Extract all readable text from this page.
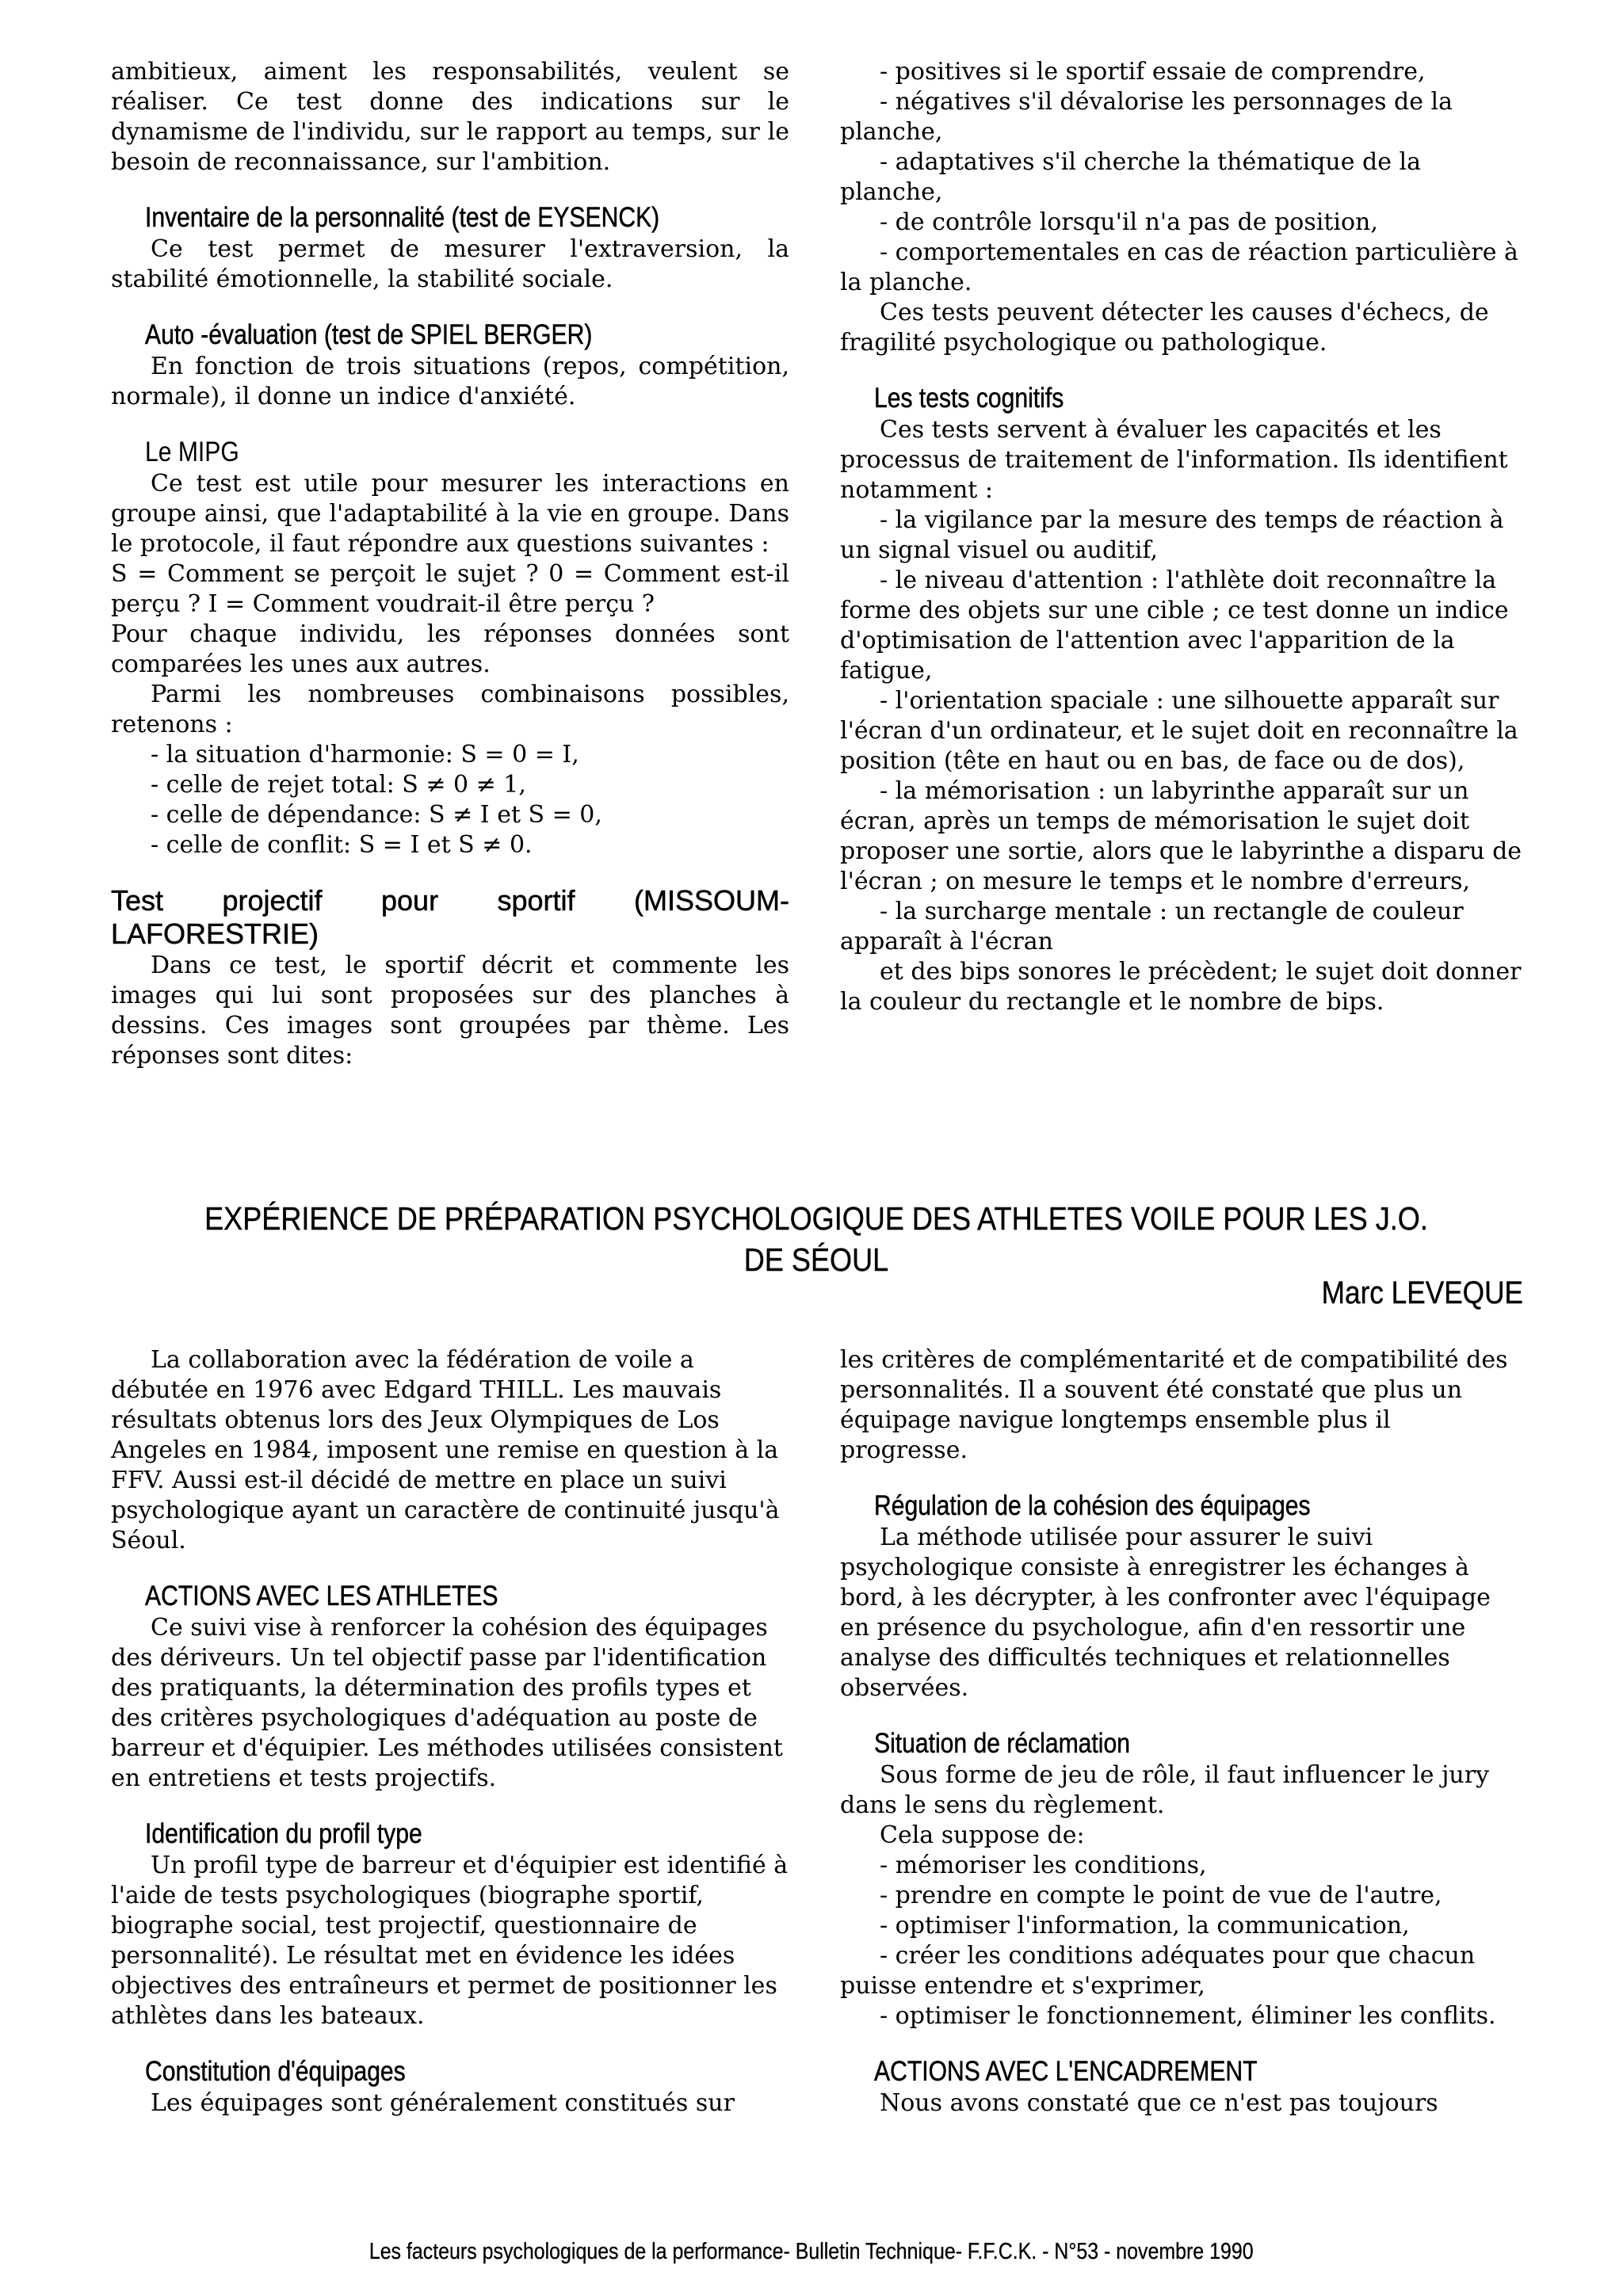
ambitieux, aiment les responsabilités, veulent se réaliser. Ce test donne des indications sur le dynamisme de l'individu, sur le rapport au temps, sur le besoin de reconnaissance, sur l'ambition.

Inventaire de la personnalité (test de EYSENCK)

Ce test permet de mesurer l'extraversion, la stabilité émotionnelle, la stabilité sociale.

Auto -évaluation (test de SPIEL BERGER)

En fonction de trois situations (repos, compétition, normale), il donne un indice d'anxiété.

Le MIPG

Ce test est utile pour mesurer les interactions en groupe ainsi, que l'adaptabilité à la vie en groupe. Dans le protocole, il faut répondre aux questions suivantes :

S = Comment se perçoit le sujet ? 0 = Comment est-il perçu ? I = Comment voudrait-il être perçu ?

Pour chaque individu, les réponses données sont comparées les unes aux autres.

Parmi les nombreuses combinaisons possibles, retenons :

- la situation d'harmonie: S = 0 = I,

- celle de rejet total: S ≠ 0 ≠ 1,

- celle de dépendance: S ≠ I et S = 0,

- celle de conflit: S = I et S ≠ 0.

Test projectif pour sportif (MISSOUM-

LAFORESTRIE)

Dans ce test, le sportif décrit et commente les images qui lui sont proposées sur des planches à dessins. Ces images sont groupées par thème. Les réponses sont dites:

- positives si le sportif essaie de comprendre,

- négatives s'il dévalorise les personnages de la planche,

- adaptatives s'il cherche la thématique de la planche,

- de contrôle lorsqu'il n'a pas de position,

- comportementales en cas de réaction particulière à la planche.

Ces tests peuvent détecter les causes d'échecs, de fragilité psychologique ou pathologique.

Les tests cognitifs

Ces tests servent à évaluer les capacités et les processus de traitement de l'information. Ils identifient notamment :

- la vigilance par la mesure des temps de réaction à un signal visuel ou auditif,

- le niveau d'attention : l'athlète doit reconnaître la forme des objets sur une cible ; ce test donne un indice d'optimisation de l'attention avec l'apparition de la fatigue,

- l'orientation spaciale : une silhouette apparaît sur l'écran d'un ordinateur, et le sujet doit en reconnaître la position (tête en haut ou en bas, de face ou de dos),

- la mémorisation : un labyrinthe apparaît sur un écran, après un temps de mémorisation le sujet doit proposer une sortie, alors que le labyrinthe a disparu de l'écran ; on mesure le temps et le nombre d'erreurs,

- la surcharge mentale : un rectangle de couleur apparaît à l'écran

et des bips sonores le précèdent; le sujet doit donner la couleur du rectangle et le nombre de bips.

EXPÉRIENCE DE PRÉPARATION PSYCHOLOGIQUE DES ATHLETES VOILE POUR LES J.O.
DE SÉOUL
Marc LEVEQUE

La collaboration avec la fédération de voile a débutée en 1976 avec Edgard THILL. Les mauvais résultats obtenus lors des Jeux Olympiques de Los Angeles en 1984, imposent une remise en question à la FFV. Aussi est-il décidé de mettre en place un suivi psychologique ayant un caractère de continuité jusqu'à Séoul.

ACTIONS AVEC LES ATHLETES

Ce suivi vise à renforcer la cohésion des équipages des dériveurs. Un tel objectif passe par l'identification des pratiquants, la détermination des profils types et des critères psychologiques d'adéquation au poste de barreur et d'équipier. Les méthodes utilisées consistent en entretiens et tests projectifs.

Identification du profil type

Un profil type de barreur et d'équipier est identifié à l'aide de tests psychologiques (biographe sportif, biographe social, test projectif, questionnaire de personnalité). Le résultat met en évidence les idées objectives des entraîneurs et permet de positionner les athlètes dans les bateaux.

Constitution d'équipages

Les équipages sont généralement constitués sur

les critères de complémentarité et de compatibilité des personnalités. Il a souvent été constaté que plus un équipage navigue longtemps ensemble plus il progresse.

Régulation de la cohésion des équipages

La méthode utilisée pour assurer le suivi psychologique consiste à enregistrer les échanges à bord, à les décrypter, à les confronter avec l'équipage en présence du psychologue, afin d'en ressortir une analyse des difficultés techniques et relationnelles observées.

Situation de réclamation

Sous forme de jeu de rôle, il faut influencer le jury dans le sens du règlement.

Cela suppose de:

- mémoriser les conditions,

- prendre en compte le point de vue de l'autre,

- optimiser l'information, la communication,

- créer les conditions adéquates pour que chacun puisse entendre et s'exprimer,

- optimiser le fonctionnement, éliminer les conflits.

ACTIONS AVEC L'ENCADREMENT

Nous avons constaté que ce n'est pas toujours

Les facteurs psychologiques de la performance- Bulletin Technique- F.F.C.K. - N°53 - novembre 1990
